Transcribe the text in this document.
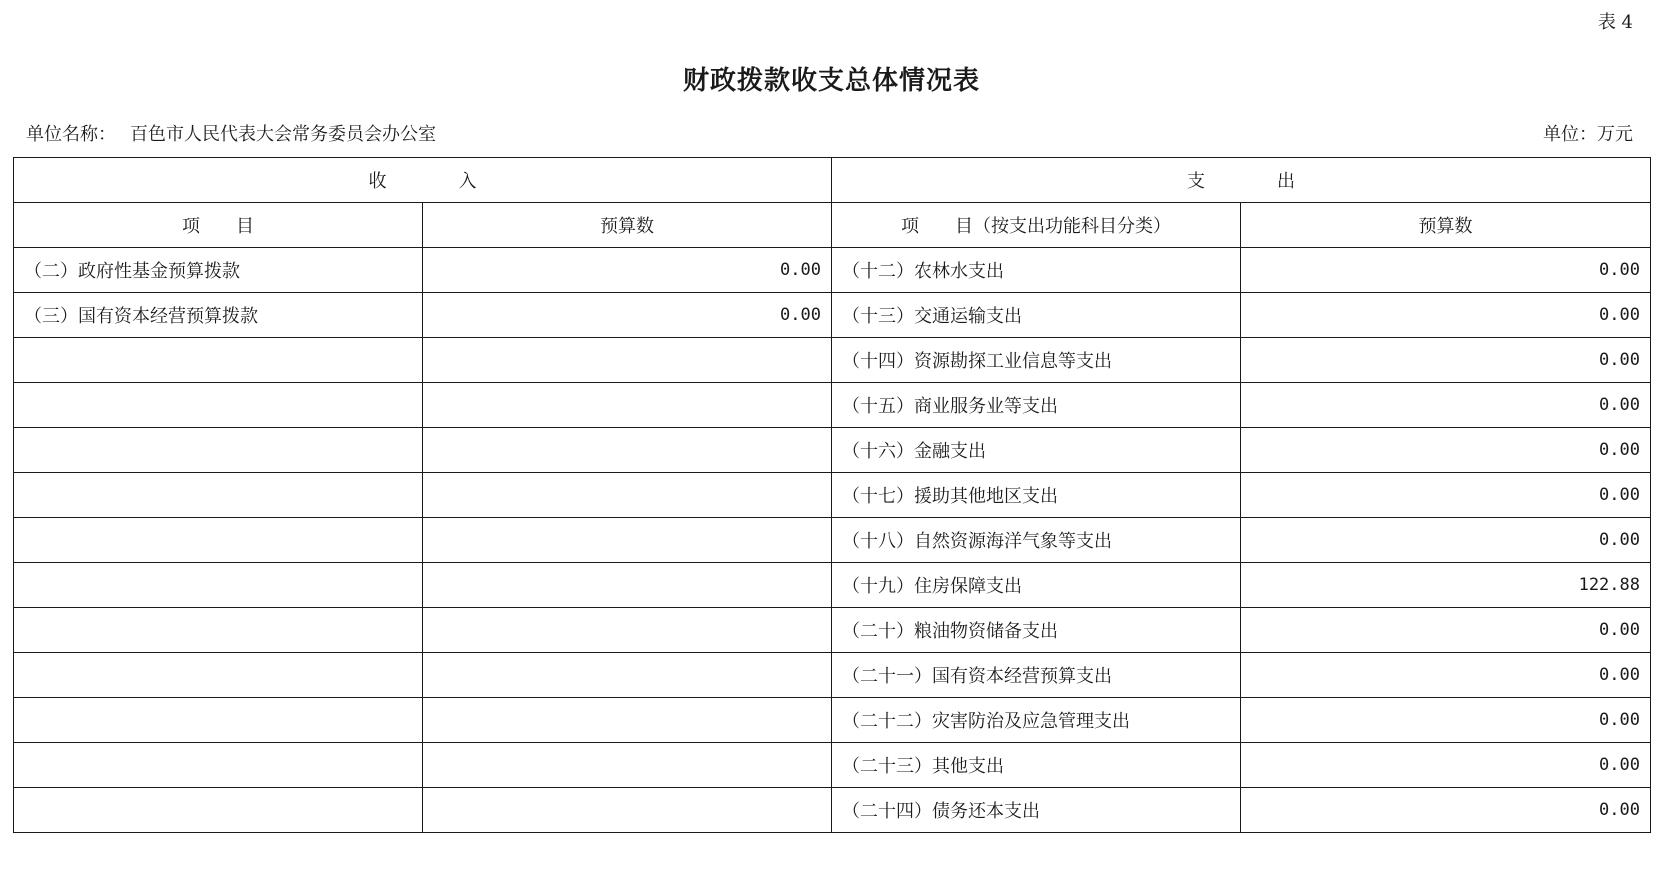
表 4
财政拨款收支总体情况表
单位名称： 百色市人民代表大会常务委员会办公室	单位：万元
收　　　　入		支　　　　出	
项　　目	预算数	项　　目（按支出功能科目分类）	预算数
（二）政府性基金预算拨款	0.00	（十二）农林水支出	0.00
（三）国有资本经营预算拨款	0.00	（十三）交通运输支出	0.00
		（十四）资源勘探工业信息等支出	0.00
		（十五）商业服务业等支出	0.00
		（十六）金融支出	0.00
		（十七）援助其他地区支出	0.00
		（十八）自然资源海洋气象等支出	0.00
		（十九）住房保障支出	122.88
		（二十）粮油物资储备支出	0.00
		（二十一）国有资本经营预算支出	0.00
		（二十二）灾害防治及应急管理支出	0.00
		（二十三）其他支出	0.00
		（二十四）债务还本支出	0.00
